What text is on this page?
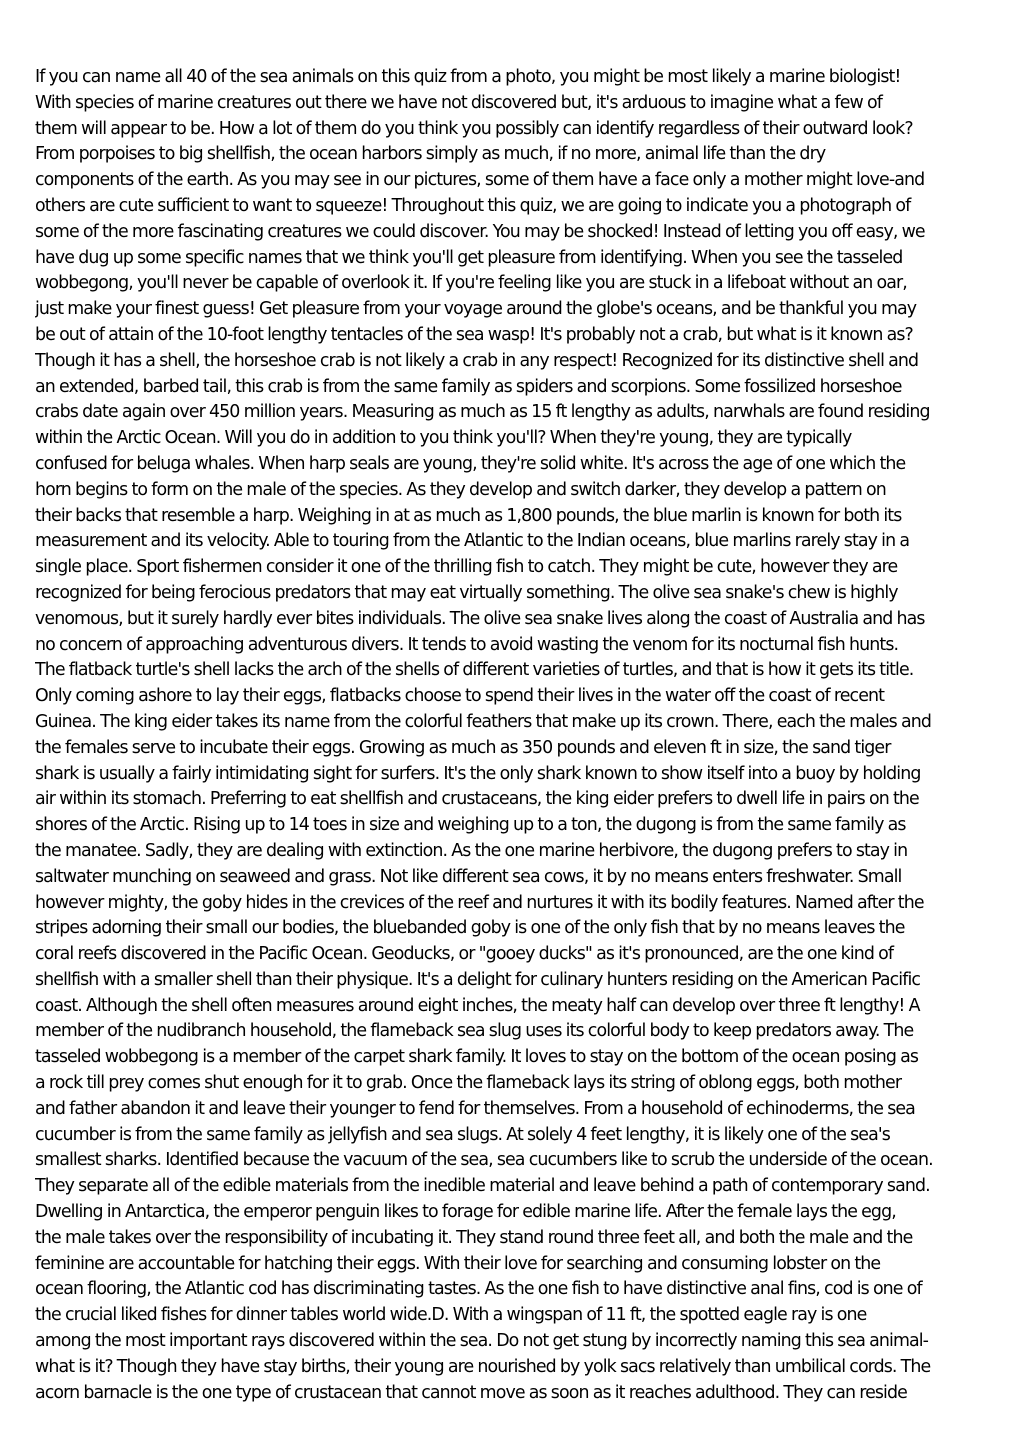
If you can name all 40 of the sea animals on this quiz from a photo, you might be most likely a marine biologist!
With species of marine creatures out there we have not discovered but, it's arduous to imagine what a few of
them will appear to be. How a lot of them do you think you possibly can identify regardless of their outward look?
From porpoises to big shellfish, the ocean harbors simply as much, if no more, animal life than the dry
components of the earth. As you may see in our pictures, some of them have a face only a mother might love-and
others are cute sufficient to want to squeeze! Throughout this quiz, we are going to indicate you a photograph of
some of the more fascinating creatures we could discover. You may be shocked! Instead of letting you off easy, we
have dug up some specific names that we think you'll get pleasure from identifying. When you see the tasseled
wobbegong, you'll never be capable of overlook it. If you're feeling like you are stuck in a lifeboat without an oar,
just make your finest guess! Get pleasure from your voyage around the globe's oceans, and be thankful you may
be out of attain of the 10-foot lengthy tentacles of the sea wasp! It's probably not a crab, but what is it known as?
Though it has a shell, the horseshoe crab is not likely a crab in any respect! Recognized for its distinctive shell and
an extended, barbed tail, this crab is from the same family as spiders and scorpions. Some fossilized horseshoe
crabs date again over 450 million years. Measuring as much as 15 ft lengthy as adults, narwhals are found residing
within the Arctic Ocean. Will you do in addition to you think you'll? When they're young, they are typically
confused for beluga whales. When harp seals are young, they're solid white. It's across the age of one which the
horn begins to form on the male of the species. As they develop and switch darker, they develop a pattern on
their backs that resemble a harp. Weighing in at as much as 1,800 pounds, the blue marlin is known for both its
measurement and its velocity. Able to touring from the Atlantic to the Indian oceans, blue marlins rarely stay in a
single place. Sport fishermen consider it one of the thrilling fish to catch. They might be cute, however they are
recognized for being ferocious predators that may eat virtually something. The olive sea snake's chew is highly
venomous, but it surely hardly ever bites individuals. The olive sea snake lives along the coast of Australia and has
no concern of approaching adventurous divers. It tends to avoid wasting the venom for its nocturnal fish hunts.
The flatback turtle's shell lacks the arch of the shells of different varieties of turtles, and that is how it gets its title.
Only coming ashore to lay their eggs, flatbacks choose to spend their lives in the water off the coast of recent
Guinea. The king eider takes its name from the colorful feathers that make up its crown. There, each the males and
the females serve to incubate their eggs. Growing as much as 350 pounds and eleven ft in size, the sand tiger
shark is usually a fairly intimidating sight for surfers. It's the only shark known to show itself into a buoy by holding
air within its stomach. Preferring to eat shellfish and crustaceans, the king eider prefers to dwell life in pairs on the
shores of the Arctic. Rising up to 14 toes in size and weighing up to a ton, the dugong is from the same family as
the manatee. Sadly, they are dealing with extinction. As the one marine herbivore, the dugong prefers to stay in
saltwater munching on seaweed and grass. Not like different sea cows, it by no means enters freshwater. Small
however mighty, the goby hides in the crevices of the reef and nurtures it with its bodily features. Named after the
stripes adorning their small our bodies, the bluebanded goby is one of the only fish that by no means leaves the
coral reefs discovered in the Pacific Ocean. Geoducks, or "gooey ducks" as it's pronounced, are the one kind of
shellfish with a smaller shell than their physique. It's a delight for culinary hunters residing on the American Pacific
coast. Although the shell often measures around eight inches, the meaty half can develop over three ft lengthy! A
member of the nudibranch household, the flameback sea slug uses its colorful body to keep predators away. The
tasseled wobbegong is a member of the carpet shark family. It loves to stay on the bottom of the ocean posing as
a rock till prey comes shut enough for it to grab. Once the flameback lays its string of oblong eggs, both mother
and father abandon it and leave their younger to fend for themselves. From a household of echinoderms, the sea
cucumber is from the same family as jellyfish and sea slugs. At solely 4 feet lengthy, it is likely one of the sea's
smallest sharks. Identified because the vacuum of the sea, sea cucumbers like to scrub the underside of the ocean.
They separate all of the edible materials from the inedible material and leave behind a path of contemporary sand.
Dwelling in Antarctica, the emperor penguin likes to forage for edible marine life. After the female lays the egg,
the male takes over the responsibility of incubating it. They stand round three feet all, and both the male and the
feminine are accountable for hatching their eggs. With their love for searching and consuming lobster on the
ocean flooring, the Atlantic cod has discriminating tastes. As the one fish to have distinctive anal fins, cod is one of
the crucial liked fishes for dinner tables world wide.D. With a wingspan of 11 ft, the spotted eagle ray is one
among the most important rays discovered within the sea. Do not get stung by incorrectly naming this sea animal-
what is it? Though they have stay births, their young are nourished by yolk sacs relatively than umbilical cords. The
acorn barnacle is the one type of crustacean that cannot move as soon as it reaches adulthood. They can reside
